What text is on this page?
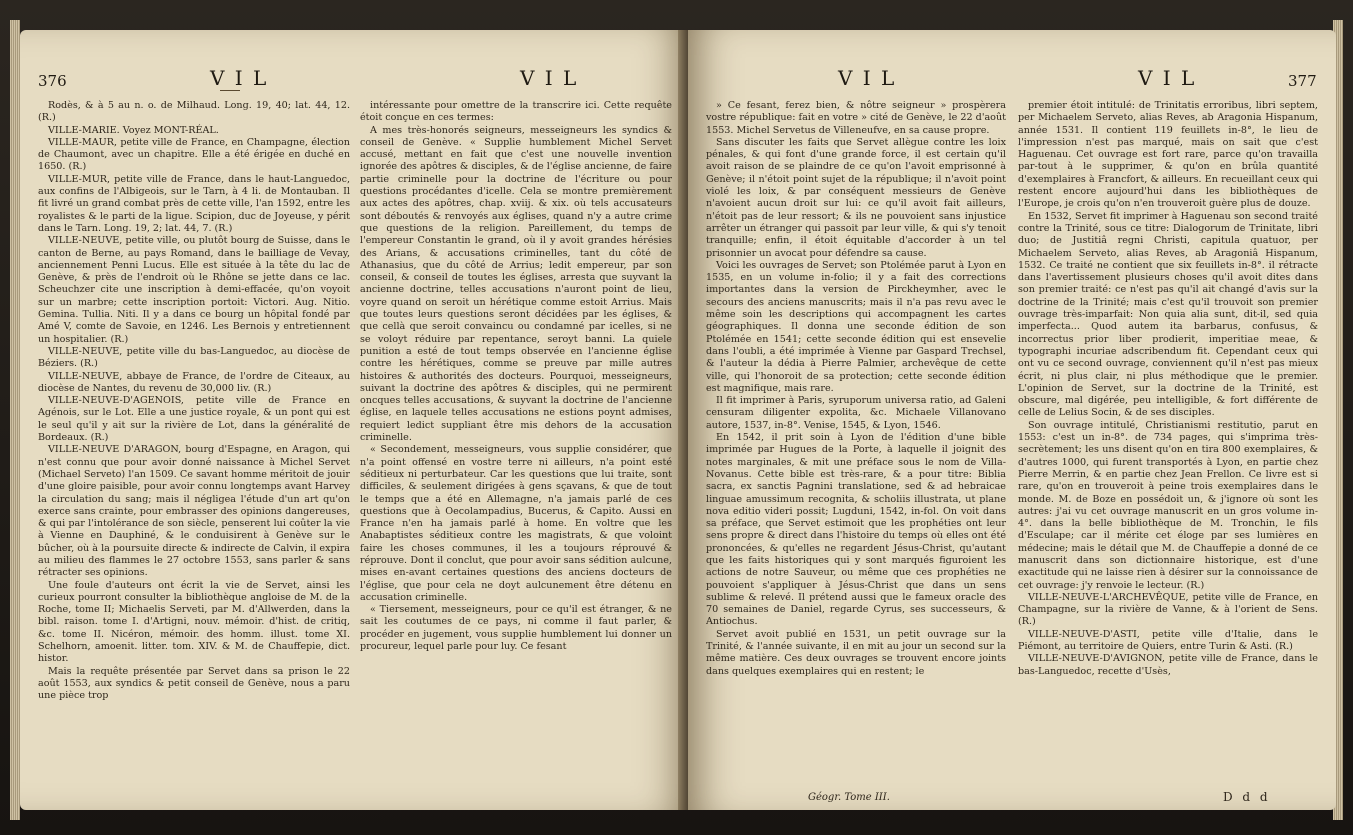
376	V I L	V I L

Rodès, & à 5 au n. o. de Milhaud. Long. 19, 40; lat. 44, 12. (R.)

VILLE-MARIE. Voyez MONT-RÉAL.

VILLE-MAUR, petite ville de France, en Champagne, élection de Chaumont, avec un chapitre. Elle a été érigée en duché en 1650. (R.)

VILLE-MUR, petite ville de France, dans le haut-Languedoc, aux confins de l'Albigeois, sur le Tarn, à 4 li. de Montauban. Il fit livré un grand combat près de cette ville, l'an 1592, entre les royalistes & le parti de la ligue. Scipion, duc de Joyeuse, y périt dans le Tarn. Long. 19, 2; lat. 44, 7. (R.)

VILLE-NEUVE, petite ville, ou plutôt bourg de Suisse, dans le canton de Berne, au pays Romand, dans le bailliage de Vevay, anciennement Penni Lucus. Elle est située à la tête du lac de Genève, & près de l'endroit où le Rhône se jette dans ce lac. Scheuchzer cite une inscription à demi-effacée, qu'on voyoit sur un marbre; cette inscription portoit: Victori. Aug. Nitio. Gemina. Tullia. Niti. Il y a dans ce bourg un hôpital fondé par Amé V, comte de Savoie, en 1246. Les Bernois y entretiennent un hospitalier. (R.)

VILLE-NEUVE, petite ville du bas-Languedoc, au diocèse de Béziers. (R.)

VILLE-NEUVE, abbaye de France, de l'ordre de Citeaux, au diocèse de Nantes, du revenu de 30,000 liv. (R.)

VILLE-NEUVE-D'AGENOIS, petite ville de France en Agénois, sur le Lot. Elle a une justice royale, & un pont qui est le seul qu'il y ait sur la rivière de Lot, dans la généralité de Bordeaux. (R.)

VILLE-NEUVE D'ARAGON, bourg d'Espagne, en Aragon, qui n'est connu que pour avoir donné naissance à Michel Servet (Michael Serveto) l'an 1509. Ce savant homme méritoit de jouir d'une gloire paisible, pour avoir connu longtemps avant Harvey la circulation du sang; mais il négligea l'étude d'un art qu'on exerce sans crainte, pour embrasser des opinions dangereuses, & qui par l'intolérance de son siècle, penserent lui coûter la vie à Vienne en Dauphiné, & le conduisirent à Genève sur le bûcher, où à la poursuite directe & indirecte de Calvin, il expira au milieu des flammes le 27 octobre 1553, sans parler & sans rétracter ses opinions.

Une foule d'auteurs ont écrit la vie de Servet, ainsi les curieux pourront consulter la bibliothèque angloise de M. de la Roche, tome II; Michaelis Serveti, par M. d'Allwerden, dans la bibl. raison. tome I. d'Artigni, nouv. mémoir. d'hist. de critiq, &c. tome II. Nicéron, mémoir. des homm. illust. tome XI. Schelhorn, amoenit. litter. tom. XIV. & M. de Chauffepie, dict. histor.

Mais la requête présentée par Servet dans sa prison le 22 août 1553, aux syndics & petit conseil de Genève, nous a paru une pièce trop

intéressante pour omettre de la transcrire ici. Cette requête étoit conçue en ces termes:

A mes très-honorés seigneurs, messeigneurs les syndics & conseil de Genève. « Supplie humblement Michel Servet accusé, mettant en fait que c'est une nouvelle invention ignorée des apôtres & disciples, & de l'église ancienne, de faire partie criminelle pour la doctrine de l'écriture ou pour questions procédantes d'icelle. Cela se montre premièrement aux actes des apôtres, chap. xviij. & xix. où tels accusateurs sont déboutés & renvoyés aux églises, quand n'y a autre crime que questions de la religion. Pareillement, du temps de l'empereur Constantin le grand, où il y avoit grandes hérésies des Arians, & accusations criminelles, tant du côté de Athanasius, que du côté de Arrius; ledit empereur, par son conseil, & conseil de toutes les églises, arresta que suyvant la ancienne doctrine, telles accusations n'auront point de lieu, voyre quand on seroit un hérétique comme estoit Arrius. Mais que toutes leurs questions seront décidées par les églises, & que cellà que seroit convaincu ou condamné par icelles, si ne se voloyt réduire par repentance, seroyt banni. La quiele punition a esté de tout temps observée en l'ancienne église contre les hérétiques, comme se preuve par mille autres histoires & authorités des docteurs. Pourquoi, messeigneurs, suivant la doctrine des apôtres & disciples, qui ne permirent oncques telles accusations, & suyvant la doctrine de l'ancienne église, en laquele telles accusations ne estions poynt admises, requiert ledict suppliant être mis dehors de la accusation criminelle.

« Secondement, messeigneurs, vous supplie considérer, que n'a point offensé en vostre terre ni ailleurs, n'a point esté séditieux ni perturbateur. Car les questions que lui traite, sont difficiles, & seulement dirigées à gens sçavans, & que de tout le temps que a été en Allemagne, n'a jamais parlé de ces questions que à Oecolampadius, Bucerus, & Capito. Aussi en France n'en ha jamais parlé à home. En voltre que les Anabaptistes séditieux contre les magistrats, & que voloint faire les choses communes, il les a toujours réprouvé & réprouve. Dont il conclut, que pour avoir sans sédition aulcune, mises en-avant certaines questions des anciens docteurs de l'église, que pour cela ne doyt aulcunement être détenu en accusation criminelle.

« Tiersement, messeigneurs, pour ce qu'il est étranger, & ne sait les coutumes de ce pays, ni comme il faut parler, & procéder en jugement, vous supplie humblement lui donner un procureur, lequel parle pour luy. Ce fesant

V I L	V I L	377

» Ce fesant, ferez bien, & nôtre seigneur » prospèrera vostre république: fait en votre » cité de Genève, le 22 d'août 1553. Michel Servetus de Villeneufve, en sa cause propre.

Sans discuter les faits que Servet allègue contre les loix pénales, & qui font d'une grande force, il est certain qu'il avoit raison de se plaindre de ce qu'on l'avoit emprisonné à Genève; il n'étoit point sujet de la république; il n'avoit point violé les loix, & par conséquent messieurs de Genève n'avoient aucun droit sur lui: ce qu'il avoit fait ailleurs, n'étoit pas de leur ressort; & ils ne pouvoient sans injustice arrêter un étranger qui passoit par leur ville, & qui s'y tenoit tranquille; enfin, il étoit équitable d'accorder à un tel prisonnier un avocat pour défendre sa cause.

Voici les ouvrages de Servet; son Ptolémée parut à Lyon en 1535, en un volume in-folio; il y a fait des corrections importantes dans la version de Pirckheymher, avec le secours des anciens manuscrits; mais il n'a pas revu avec le même soin les descriptions qui accompagnent les cartes géographiques. Il donna une seconde édition de son Ptolémée en 1541; cette seconde édition qui est ensevelie dans l'oubli, a été imprimée à Vienne par Gaspard Trechsel, & l'auteur la dédia à Pierre Palmier, archevêque de cette ville, qui l'honoroit de sa protection; cette seconde édition est magnifique, mais rare.

Il fit imprimer à Paris, syruporum universa ratio, ad Galeni censuram diligenter expolita, &c. Michaele Villanovano autore, 1537, in-8°. Venise, 1545, & Lyon, 1546.

En 1542, il prit soin à Lyon de l'édition d'une bible imprimée par Hugues de la Porte, à laquelle il joignit des notes marginales, & mit une préface sous le nom de Villa-Novanus. Cette bible est très-rare, & a pour titre: Biblia sacra, ex sanctis Pagnini translatione, sed & ad hebraicae linguae amussimum recognita, & scholiis illustrata, ut plane nova editio videri possit; Lugduni, 1542, in-fol. On voit dans sa préface, que Servet estimoit que les prophéties ont leur sens propre & direct dans l'histoire du temps où elles ont été prononcées, & qu'elles ne regardent Jésus-Christ, qu'autant que les faits historiques qui y sont marqués figuroient les actions de notre Sauveur, ou même que ces prophéties ne pouvoient s'appliquer à Jésus-Christ que dans un sens sublime & relevé. Il prétend aussi que le fameux oracle des 70 semaines de Daniel, regarde Cyrus, ses successeurs, & Antiochus.

Servet avoit publié en 1531, un petit ouvrage sur la Trinité, & l'année suivante, il en mit au jour un second sur la même matière. Ces deux ouvrages se trouvent encore joints dans quelques exemplaires qui en restent; le

premier étoit intitulé: de Trinitatis erroribus, libri septem, per Michaelem Serveto, alias Reves, ab Aragonia Hispanum, année 1531. Il contient 119 feuillets in-8°, le lieu de l'impression n'est pas marqué, mais on sait que c'est Haguenau. Cet ouvrage est fort rare, parce qu'on travailla par-tout à le supprimer, & qu'on en brûla quantité d'exemplaires à Francfort, & ailleurs. En recueillant ceux qui restent encore aujourd'hui dans les bibliothèques de l'Europe, je crois qu'on n'en trouveroit guère plus de douze.

En 1532, Servet fit imprimer à Haguenau son second traité contre la Trinité, sous ce titre: Dialogorum de Trinitate, libri duo; de Justitiâ regni Christi, capitula quatuor, per Michaelem Serveto, alias Reves, ab Aragoniâ Hispanum, 1532. Ce traité ne contient que six feuillets in-8°. il rétracte dans l'avertissement plusieurs choses qu'il avoit dites dans son premier traité: ce n'est pas qu'il ait changé d'avis sur la doctrine de la Trinité; mais c'est qu'il trouvoit son premier ouvrage très-imparfait: Non quia alia sunt, dit-il, sed quia imperfecta... Quod autem ita barbarus, confusus, & incorrectus prior liber prodierit, imperitiae meae, & typographi incuriae adscribendum fit. Cependant ceux qui ont vu ce second ouvrage, conviennent qu'il n'est pas mieux écrit, ni plus clair, ni plus méthodique que le premier. L'opinion de Servet, sur la doctrine de la Trinité, est obscure, mal digérée, peu intelligible, & fort différente de celle de Lelius Socin, & de ses disciples.

Son ouvrage intitulé, Christianismi restitutio, parut en 1553: c'est un in-8°. de 734 pages, qui s'imprima très-secrètement; les uns disent qu'on en tira 800 exemplaires, & d'autres 1000, qui furent transportés à Lyon, en partie chez Pierre Merrin, & en partie chez Jean Frellon. Ce livre est si rare, qu'on en trouveroit à peine trois exemplaires dans le monde. M. de Boze en possédoit un, & j'ignore où sont les autres: j'ai vu cet ouvrage manuscrit en un gros volume in-4°. dans la belle bibliothèque de M. Tronchin, le fils d'Esculape; car il mérite cet éloge par ses lumières en médecine; mais le détail que M. de Chauffepie a donné de ce manuscrit dans son dictionnaire historique, est d'une exactitude qui ne laisse rien à désirer sur la connoissance de cet ouvrage: j'y renvoie le lecteur. (R.)

VILLE-NEUVE-L'ARCHEVÊQUE, petite ville de France, en Champagne, sur la rivière de Vanne, & à l'orient de Sens. (R.)

VILLE-NEUVE-D'ASTI, petite ville d'Italie, dans le Piémont, au territoire de Quiers, entre Turin & Asti. (R.)

VILLE-NEUVE-D'AVIGNON, petite ville de France, dans le bas-Languedoc, recette d'Usès,

Géogr. Tome III.	D d d
